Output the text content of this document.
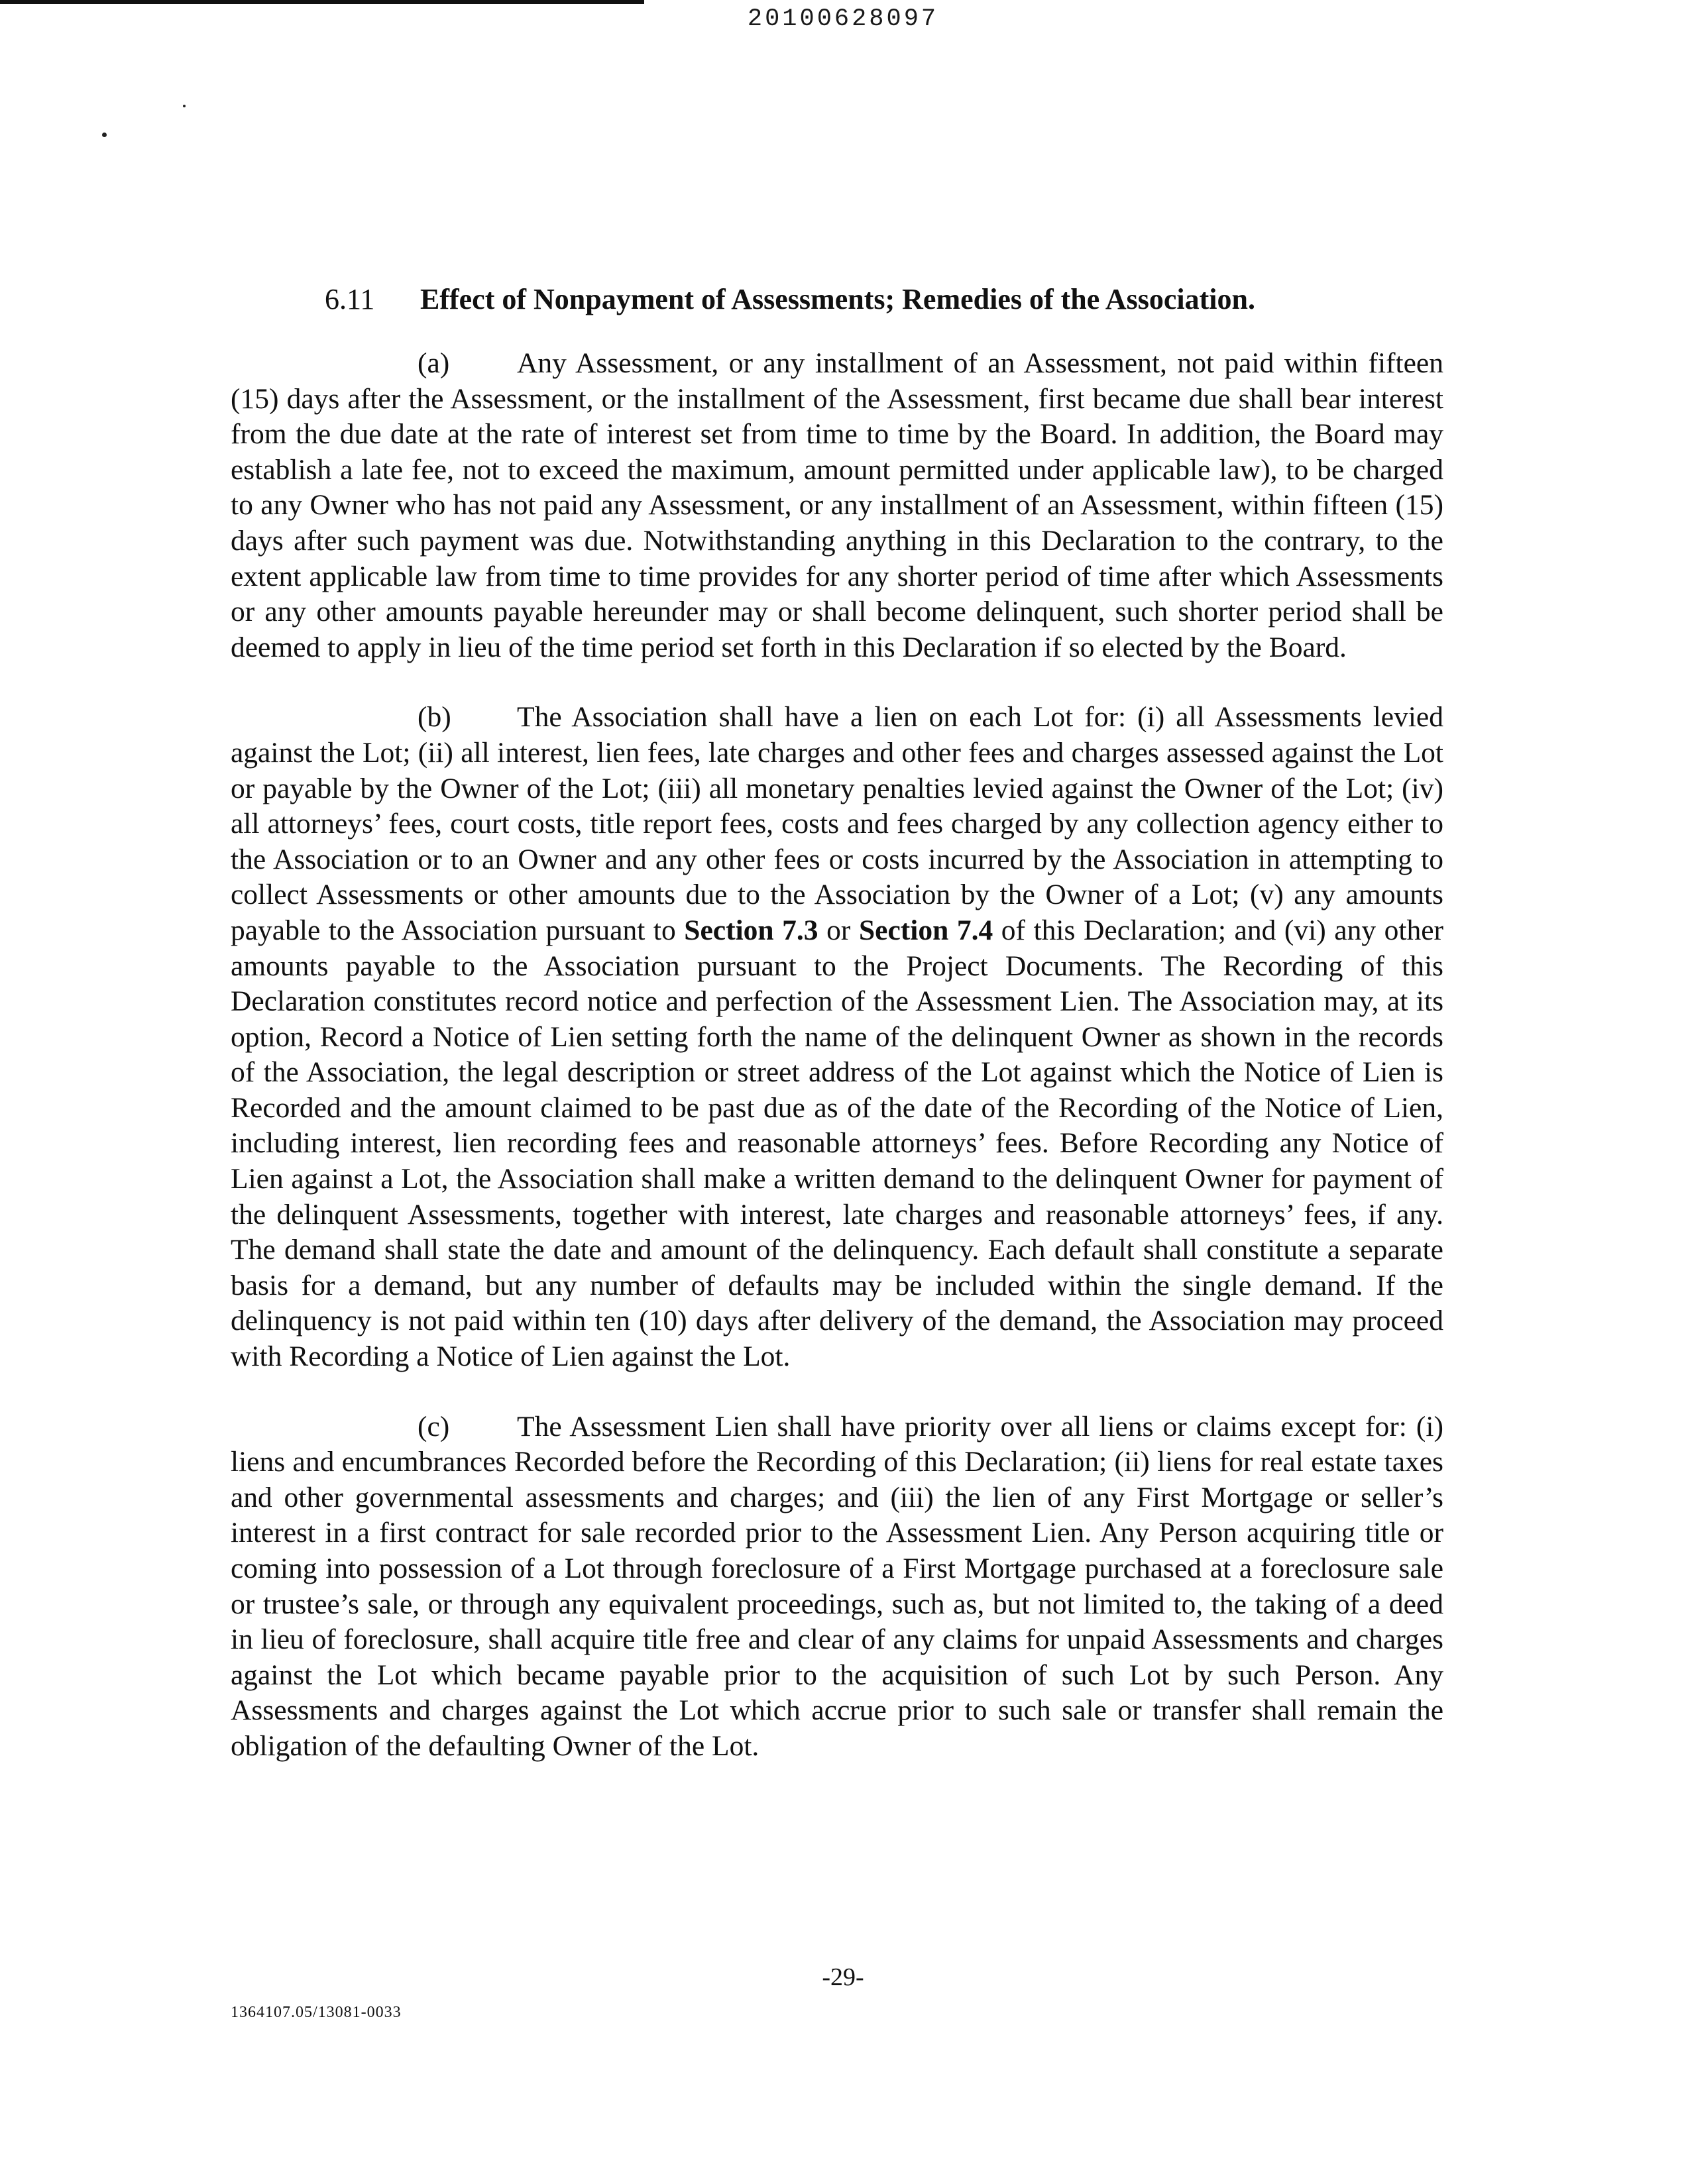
20100628097
6.11 Effect of Nonpayment of Assessments; Remedies of the Association.

(a) Any Assessment, or any installment of an Assessment, not paid within fifteen (15) days after the Assessment, or the installment of the Assessment, first became due shall bear interest from the due date at the rate of interest set from time to time by the Board. In addition, the Board may establish a late fee, not to exceed the maximum, amount permitted under applicable law), to be charged to any Owner who has not paid any Assessment, or any installment of an Assessment, within fifteen (15) days after such payment was due. Notwithstanding anything in this Declaration to the contrary, to the extent applicable law from time to time provides for any shorter period of time after which Assessments or any other amounts payable hereunder may or shall become delinquent, such shorter period shall be deemed to apply in lieu of the time period set forth in this Declaration if so elected by the Board.

(b) The Association shall have a lien on each Lot for: (i) all Assessments levied against the Lot; (ii) all interest, lien fees, late charges and other fees and charges assessed against the Lot or payable by the Owner of the Lot; (iii) all monetary penalties levied against the Owner of the Lot; (iv) all attorneys’ fees, court costs, title report fees, costs and fees charged by any collection agency either to the Association or to an Owner and any other fees or costs incurred by the Association in attempting to collect Assessments or other amounts due to the Association by the Owner of a Lot; (v) any amounts payable to the Association pursuant to Section 7.3 or Section 7.4 of this Declaration; and (vi) any other amounts payable to the Association pursuant to the Project Documents. The Recording of this Declaration constitutes record notice and perfection of the Assessment Lien. The Association may, at its option, Record a Notice of Lien setting forth the name of the delinquent Owner as shown in the records of the Association, the legal description or street address of the Lot against which the Notice of Lien is Recorded and the amount claimed to be past due as of the date of the Recording of the Notice of Lien, including interest, lien recording fees and reasonable attorneys’ fees. Before Recording any Notice of Lien against a Lot, the Association shall make a written demand to the delinquent Owner for payment of the delinquent Assessments, together with interest, late charges and reasonable attorneys’ fees, if any. The demand shall state the date and amount of the delinquency. Each default shall constitute a separate basis for a demand, but any number of defaults may be included within the single demand. If the delinquency is not paid within ten (10) days after delivery of the demand, the Association may proceed with Recording a Notice of Lien against the Lot.

(c) The Assessment Lien shall have priority over all liens or claims except for: (i) liens and encumbrances Recorded before the Recording of this Declaration; (ii) liens for real estate taxes and other governmental assessments and charges; and (iii) the lien of any First Mortgage or seller’s interest in a first contract for sale recorded prior to the Assessment Lien. Any Person acquiring title or coming into possession of a Lot through foreclosure of a First Mortgage purchased at a foreclosure sale or trustee’s sale, or through any equivalent proceedings, such as, but not limited to, the taking of a deed in lieu of foreclosure, shall acquire title free and clear of any claims for unpaid Assessments and charges against the Lot which became payable prior to the acquisition of such Lot by such Person. Any Assessments and charges against the Lot which accrue prior to such sale or transfer shall remain the obligation of the defaulting Owner of the Lot.

-29-
1364107.05/13081-0033
